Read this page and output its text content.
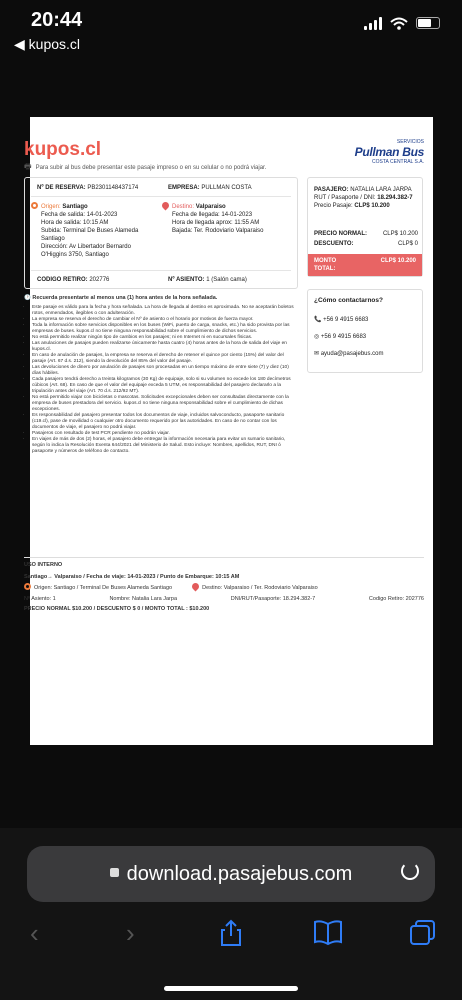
20:44
◀ kupos.cl
kupos.cl	SERVICIOS
Pullman Bus
COSTA CENTRAL S.A.
🖶 Para subir al bus debe presentar este pasaje impreso o en su celular o no podrá viajar.
Nº DE RESERVA: PB2301148437174	EMPRESA: PULLMAN COSTA
Origen: Santiago
Fecha de salida: 14-01-2023
Hora de salida: 10:15 AM
Subida: Terminal De Buses Alameda Santiago
Dirección: Av Libertador Bernardo O'Higgins 3750, Santiago
Destino: Valparaiso
Fecha de llegada: 14-01-2023
Hora de llegada aprox: 11:55 AM
Bajada: Ter. Rodoviario Valparaiso
CODIGO RETIRO: 202776	Nº ASIENTO: 1 (Salón cama)
PASAJERO: NATALIA LARA JARPA
RUT / Pasaporte / DNI: 18.294.382-7
Precio Pasaje: CLP$ 10.200
PRECIO NORMAL:	CLP$ 10.200
DESCUENTO:	CLP$ 0
MONTO TOTAL:
CLP$ 10.200
¿Cómo contactarnos?
📞 +56 9 4915 6683
◎ +56 9 4915 6683
✉ ayuda@pasajebus.com
🕑 Recuerda presentarte al menos una (1) hora antes de la hora señalada.
• Este pasaje es válido para la fecha y hora señalada. La hora de llegada al destino es aproximada. No se aceptarán boletos rotos, enmendados, ilegibles o con adulteración.
• La empresa se reserva el derecho de cambiar el Nº de asiento o el horario por motivos de fuerza mayor.
• Toda la información sobre servicios disponibles en los buses (WiFi, puerto de carga, snacks, etc.) ha sido provista por las empresas de buses. kupos.cl no tiene ninguna responsabilidad sobre el cumplimiento de dichos servicios.
• No está permitido realizar ningún tipo de cambios en los pasajes; ni en Internet ni en sucursales físicas.
• Las anulaciones de pasajes pueden realizarse únicamente hasta cuatro (4) horas antes de la hora de salida del viaje en kupos.cl.
• En caso de anulación de pasajes, la empresa se reserva el derecho de retener el quince por ciento (15%) del valor del pasaje (Art. 67 d.s. 212), siendo la devolución del 85% del valor del pasaje.
• Las devoluciones de dinero por anulación de pasajes son procesadas en un tiempo máximo de entre siete (7) y diez (10) días hábiles.
• Cada pasajero tendrá derecho a treinta kilogramos (30 Kg) de equipaje, solo si su volumen no excede los 180 decímetros cúbicos (Art. 68). En caso de que el valor del equipaje exceda 5 UTM, es responsabilidad del pasajero declararlo a la tripulación antes del viaje (Art. 70 d.s. 212/92 MT).
• No está permitido viajar con bicicletas o mascotas. Solicitudes excepcionales deben ser consultadas directamente con la empresa de buses prestadora del servicio. kupos.cl no tiene ninguna responsabilidad sobre el cumplimiento de dichas excepciones.
• Es responsabilidad del pasajero presentar todos los documentos de viaje, incluidos salvoconducto, pasaporte sanitario (c19.cl), pase de movilidad o cualquier otro documento requerido por las autoridades. En caso de no contar con los documentos de viaje, el pasajero no podrá viajar.
• Pasajeros con resultado de test PCR pendiente no podrán viajar.
• En viajes de más de dos (2) horas, el pasajero debe entregar la información necesaria para evitar un sumario sanitario, según lo indica la Resolución Exenta 644/2021 del Ministerio de Salud. Esto incluye: Nombres, apellidos, RUT, DNI ó pasaporte y números de teléfono de contacto.
USO INTERNO
Santiago→ Valparaiso / Fecha de viaje: 14-01-2023 / Punto de Embarque: 10:15 AM
Origen: Santiago / Terminal De Buses Alameda Santiago	Destino: Valparaiso / Ter. Rodoviario Valparaiso
Nº Asiento: 1	Nombre: Natalia Lara Jarpa	DNI/RUT/Pasaporte: 18.294.382-7	Codigo Retiro: 202776
PRECIO NORMAL $10.200 / DESCUENTO $ 0 / MONTO TOTAL : $10.200
download.pasajebus.com
‹	›
